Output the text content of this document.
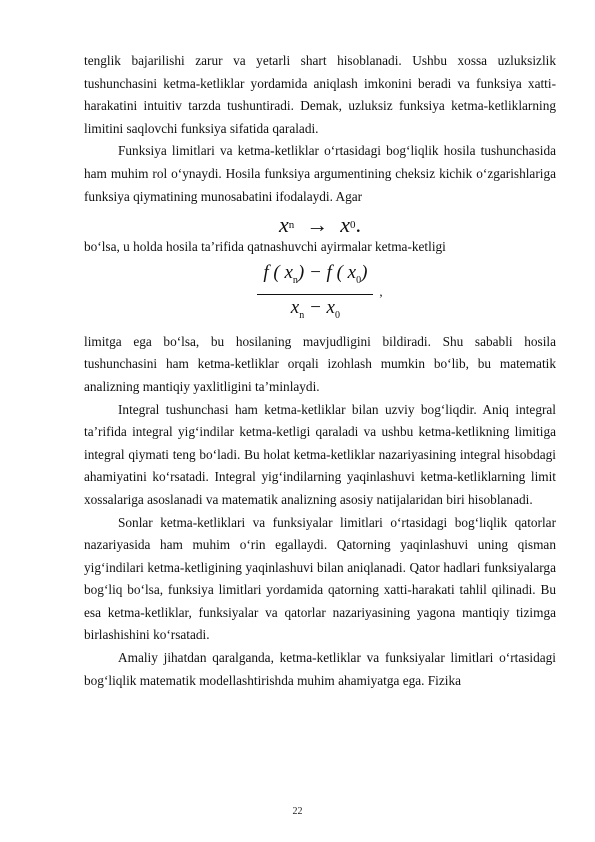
tenglik bajarilishi zarur va yetarli shart hisoblanadi. Ushbu xossa uzluksizlik tushunchasini ketma-ketliklar yordamida aniqlash imkonini beradi va funksiya xatti-harakatini intuitiv tarzda tushuntiradi. Demak, uzluksiz funksiya ketma-ketliklarning limitini saqlovchi funksiya sifatida qaraladi.

Funksiya limitlari va ketma-ketliklar o‘rtasidagi bog‘liqlik hosila tushunchasida ham muhim rol o‘ynaydi. Hosila funksiya argumentining cheksiz kichik o‘zgarishlariga funksiya qiymatining munosabatini ifodalaydi. Agar

x n → x 0 .

bo‘lsa, u holda hosila ta’rifida qatnashuvchi ayirmalar ketma-ketligi

$\frac{f ( x_n) - f ( x_0)}{x_n - x_0}$ ,

limitga ega bo‘lsa, bu hosilaning mavjudligini bildiradi. Shu sababli hosila tushunchasini ham ketma-ketliklar orqali izohlash mumkin bo‘lib, bu matematik analizning mantiqiy yaxlitligini ta’minlaydi.

Integral tushunchasi ham ketma-ketliklar bilan uzviy bog‘liqdir. Aniq integral ta’rifida integral yig‘indilar ketma-ketligi qaraladi va ushbu ketma-ketlikning limitiga integral qiymati teng bo‘ladi. Bu holat ketma-ketliklar nazariyasining integral hisobdagi ahamiyatini ko‘rsatadi. Integral yig‘indilarning yaqinlashuvi ketma-ketliklarning limit xossalariga asoslanadi va matematik analizning asosiy natijalaridan biri hisoblanadi.

Sonlar ketma-ketliklari va funksiyalar limitlari o‘rtasidagi bog‘liqlik qatorlar nazariyasida ham muhim o‘rin egallaydi. Qatorning yaqinlashuvi uning qisman yig‘indilari ketma-ketligining yaqinlashuvi bilan aniqlanadi. Qator hadlari funksiyalarga bog‘liq bo‘lsa, funksiya limitlari yordamida qatorning xatti-harakati tahlil qilinadi. Bu esa ketma-ketliklar, funksiyalar va qatorlar nazariyasining yagona mantiqiy tizimga birlashishini ko‘rsatadi.

Amaliy jihatdan qaralganda, ketma-ketliklar va funksiyalar limitlari o‘rtasidagi bog‘liqlik matematik modellashtirishda muhim ahamiyatga ega. Fizika

22
